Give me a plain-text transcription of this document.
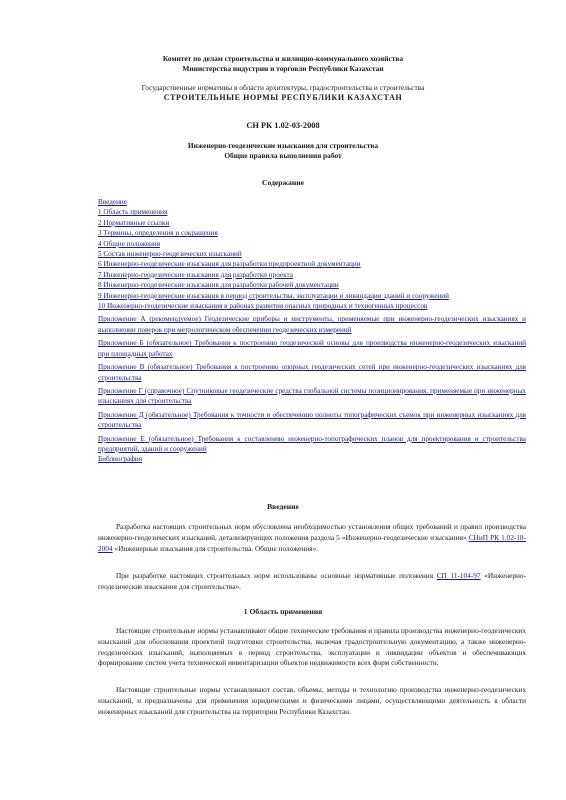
Комитет по делам строительства и жилищно-коммунального хозяйства
Министерства индустрии и торговли Республики Казахстан
Государственные нормативы в области архитектуры, градостроительства и строительства
СТРОИТЕЛЬНЫЕ НОРМЫ РЕСПУБЛИКИ КАЗАХСТАН
СН РК 1.02-03-2008
Инженерно-геодезические изыскания для строительства
Общие правила выполнения работ
Содержание
Введение
1 Область применения
2 Нормативные ссылки
3 Термины, определения и сокращения
4 Общие положения
5 Состав инженерно-геодезических изысканий
6 Инженерно-геодезические изыскания для разработки предпроектной документации
7 Инженерно-геодезические изыскания для разработки проекта
8 Инженерно-геодезические изыскания для разработки рабочей документации
9 Инженерно-геодезические изыскания в период строительства, эксплуатации и ликвидации зданий и сооружений
10 Инженерно-геодезические изыскания в районах развития опасных природных и техногенных процессов
Приложение А (рекомендуемое) Геодезические приборы и инструменты, применяемые при инженерно-геодезических изысканиях и выполнении поверок при метрологическом обеспечении геодезических измерений
Приложение Б (обязательное) Требования к построению геодезической основы для производства инженерно-геодезических изысканий при площадных работах
Приложение В (обязательное) Требования к построению опорных геодезических сетей при инженерно-геодезических изысканиях для строительства
Приложение Г (справочное) Спутниковые геодезические средства глобальной системы позиционирования, применяемые при инженерных изысканиях для строительства
Приложение Д (обязательное) Требования к точности и обеспечению полноты топографических съемок при инженерных изысканиях для строительства
Приложение Е (обязательное) Требования к составлению инженерно-топографических планов для проектирования и строительства предприятий, зданий и сооружений
Библиография
Введение
Разработка настоящих строительных норм обусловлена необходимостью установления общих требований и правил производства инженерно-геодезических изысканий, детализирующих положения раздела 5 «Инженерно-геодезические изыскания» СНиП РК 1.02-18-2004 «Инженерные изыскания для строительства. Общие положения».
При разработке настоящих строительных норм использованы основные нормативные положения СП 11-104-97 «Инженерно-геодезические изыскания для строительства».
1 Область применения
Настоящие строительные нормы устанавливают общие технические требования и правила производства инженерно-геодезических изысканий для обоснования проектной подготовки строительства, включая градостроительную документацию, а также инженерно-геодезических изысканий, выполняемых в период строительства, эксплуатации и ликвидации объектов и обеспечивающих формирование систем учета технической инвентаризации объектов недвижимости всех форм собственности.
Настоящие строительные нормы устанавливают состав, объемы, методы и технологию производства инженерно-геодезических изысканий, и предназначены для применения юридическими и физическими лицами, осуществляющими деятельность в области инженерных изысканий для строительства на территории Республики Казахстан.
